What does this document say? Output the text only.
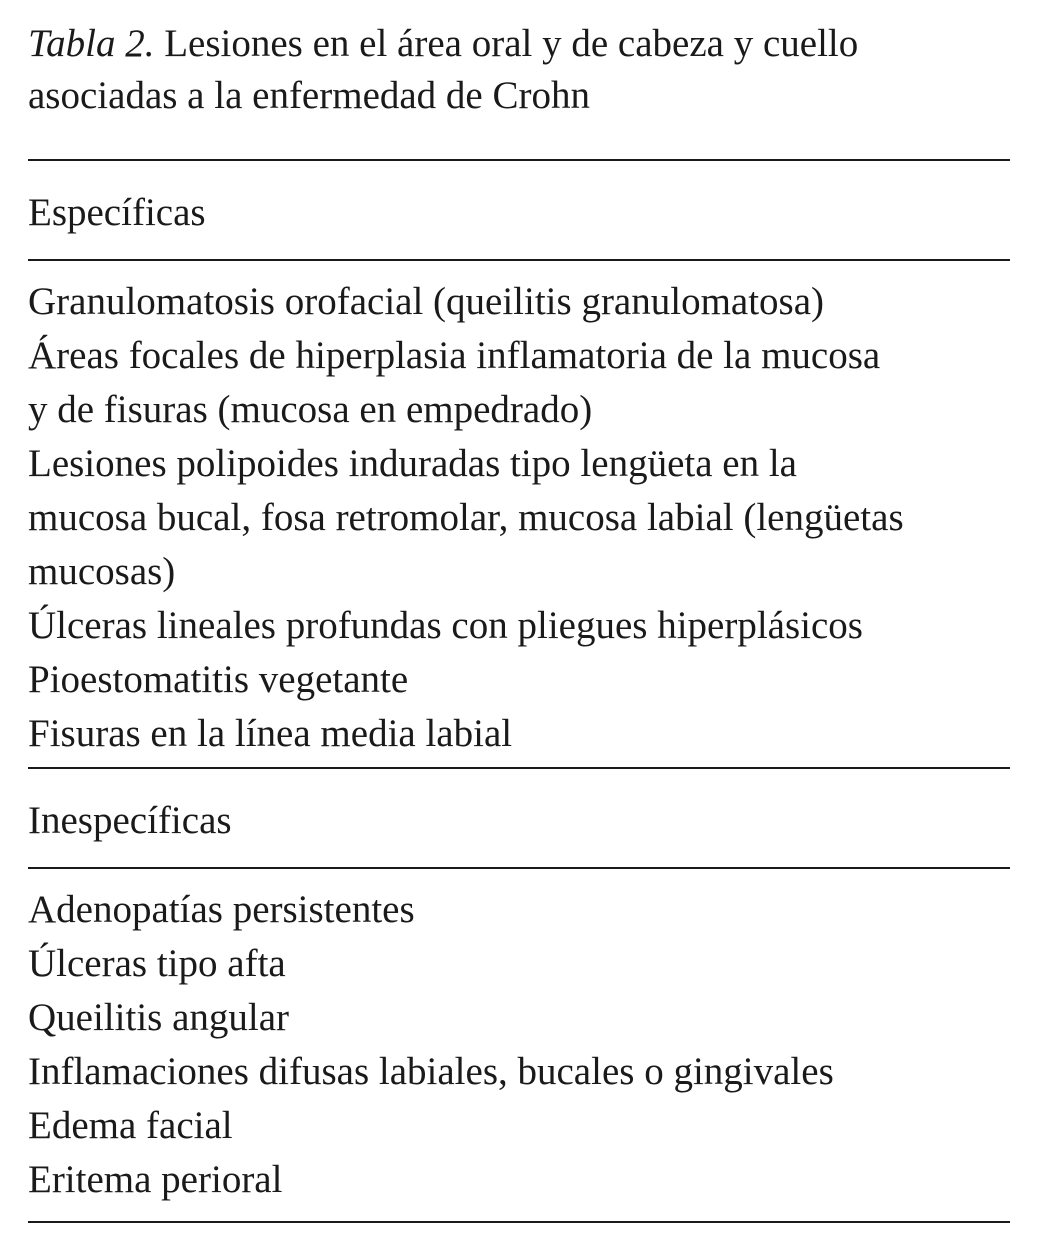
Tabla 2. Lesiones en el área oral y de cabeza y cuello
asociadas a la enfermedad de Crohn

Específicas

Granulomatosis orofacial (queilitis granulomatosa)
Áreas focales de hiperplasia inflamatoria de la mucosa
y de fisuras (mucosa en empedrado)
Lesiones polipoides induradas tipo lengüeta en la
mucosa bucal, fosa retromolar, mucosa labial (lengüetas
mucosas)
Úlceras lineales profundas con pliegues hiperplásicos
Pioestomatitis vegetante
Fisuras en la línea media labial

Inespecíficas

Adenopatías persistentes
Úlceras tipo afta
Queilitis angular
Inflamaciones difusas labiales, bucales o gingivales
Edema facial
Eritema perioral
